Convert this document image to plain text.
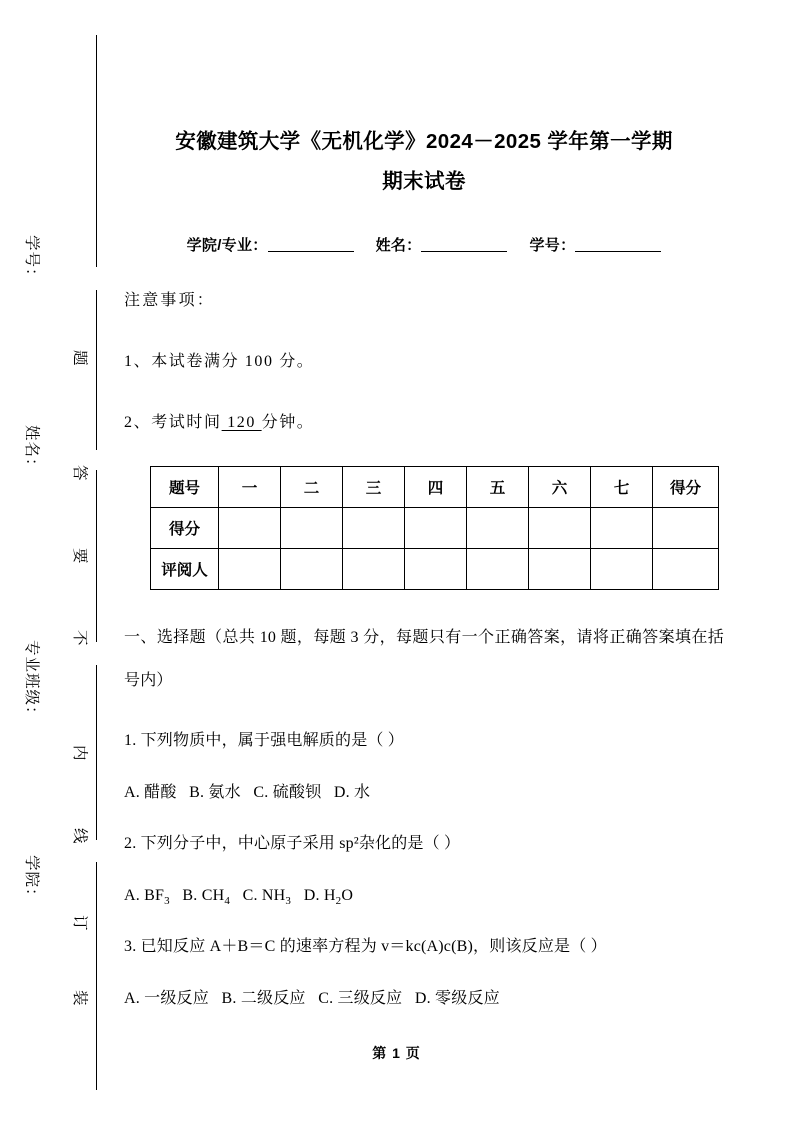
学号：
姓名：
专业班级：
学院：
题
答
要
不
内
线
订
装
安徽建筑大学《无机化学》2024－2025 学年第一学期
期末试卷
学院/专业：	姓名：	学号：
注意事项：
1、本试卷满分 100 分。
2、考试时间 120 分钟。
题号	一	二	三	四	五	六	七	得分
得分								
评阅人								
一、选择题（总共 10 题，每题 3 分，每题只有一个正确答案，请将正确答案填在括号内）
1. 下列物质中，属于强电解质的是（ ）
A. 醋酸   B. 氨水   C. 硫酸钡   D. 水
2. 下列分子中，中心原子采用 sp²杂化的是（ ）
A. $BF_3$   B. $CH_4$   C. $NH_3$   D. $H_2O$
3. 已知反应 A＋B＝C 的速率方程为 v＝kc(A)c(B)，则该反应是（ ）
A. 一级反应   B. 二级反应   C. 三级反应   D. 零级反应
第 1 页
